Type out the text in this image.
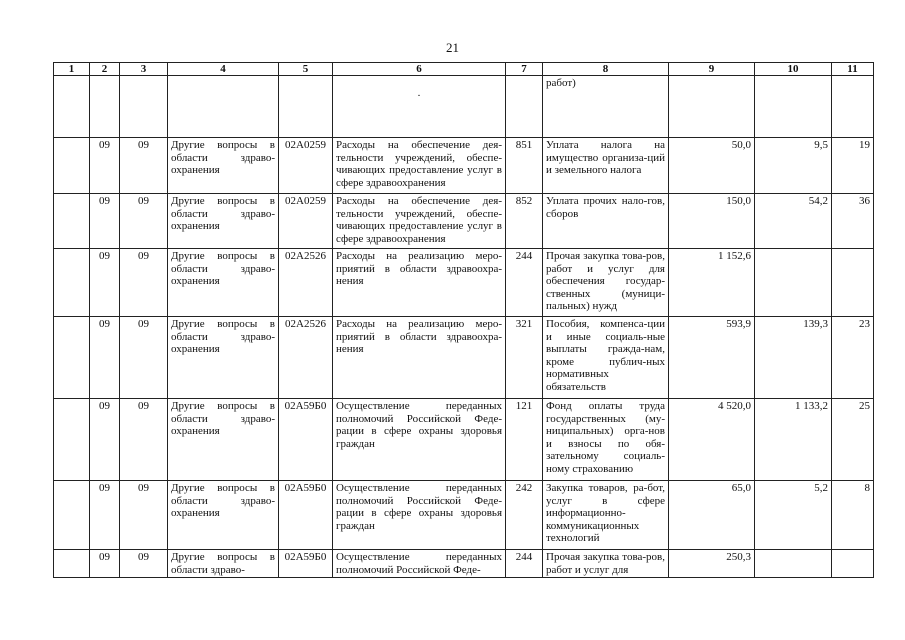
21
1	2	3	4	5	6	7	8	9	10	11

					.		работ)			
	09	09	Другие вопросы в области здраво-охранения	02А0259	Расходы на обеспечение дея-тельности учреждений, обеспе-чивающих предоставление услуг в сфере здравоохранения	851	Уплата налога на имущество организа-ций и земельного налога	50,0	9,5	19
	09	09	Другие вопросы в области здраво-охранения	02А0259	Расходы на обеспечение дея-тельности учреждений, обеспе-чивающих предоставление услуг в сфере здравоохранения	852	Уплата прочих нало-гов, сборов	150,0	54,2	36
	09	09	Другие вопросы в области здраво-охранения	02А2526	Расходы на реализацию меро-приятий в области здравоохра-нения	244	Прочая закупка това-ров, работ и услуг для обеспечения государ-ственных (муници-пальных) нужд	1 152,6		
	09	09	Другие вопросы в области здраво-охранения	02А2526	Расходы на реализацию меро-приятий в области здравоохра-нения	321	Пособия, компенса-ции и иные социаль-ные выплаты гражда-нам, кроме публич-ных нормативных обязательств	593,9	139,3	23
	09	09	Другие вопросы в области здраво-охранения	02А59Б0	Осуществление переданных полномочий Российской Феде-рации в сфере охраны здоровья граждан	121	Фонд оплаты труда государственных (му-ниципальных) орга-нов и взносы по обя-зательному социаль-ному страхованию	4 520,0	1 133,2	25
	09	09	Другие вопросы в области здраво-охранения	02А59Б0	Осуществление переданных полномочий Российской Феде-рации в сфере охраны здоровья граждан	242	Закупка товаров, ра-бот, услуг в сфере информационно-коммуникационных технологий	65,0	5,2	8
	09	09	Другие вопросы в области здраво-	02А59Б0	Осуществление переданных полномочий Российской Феде-	244	Прочая закупка това-ров, работ и услуг для	250,3		
